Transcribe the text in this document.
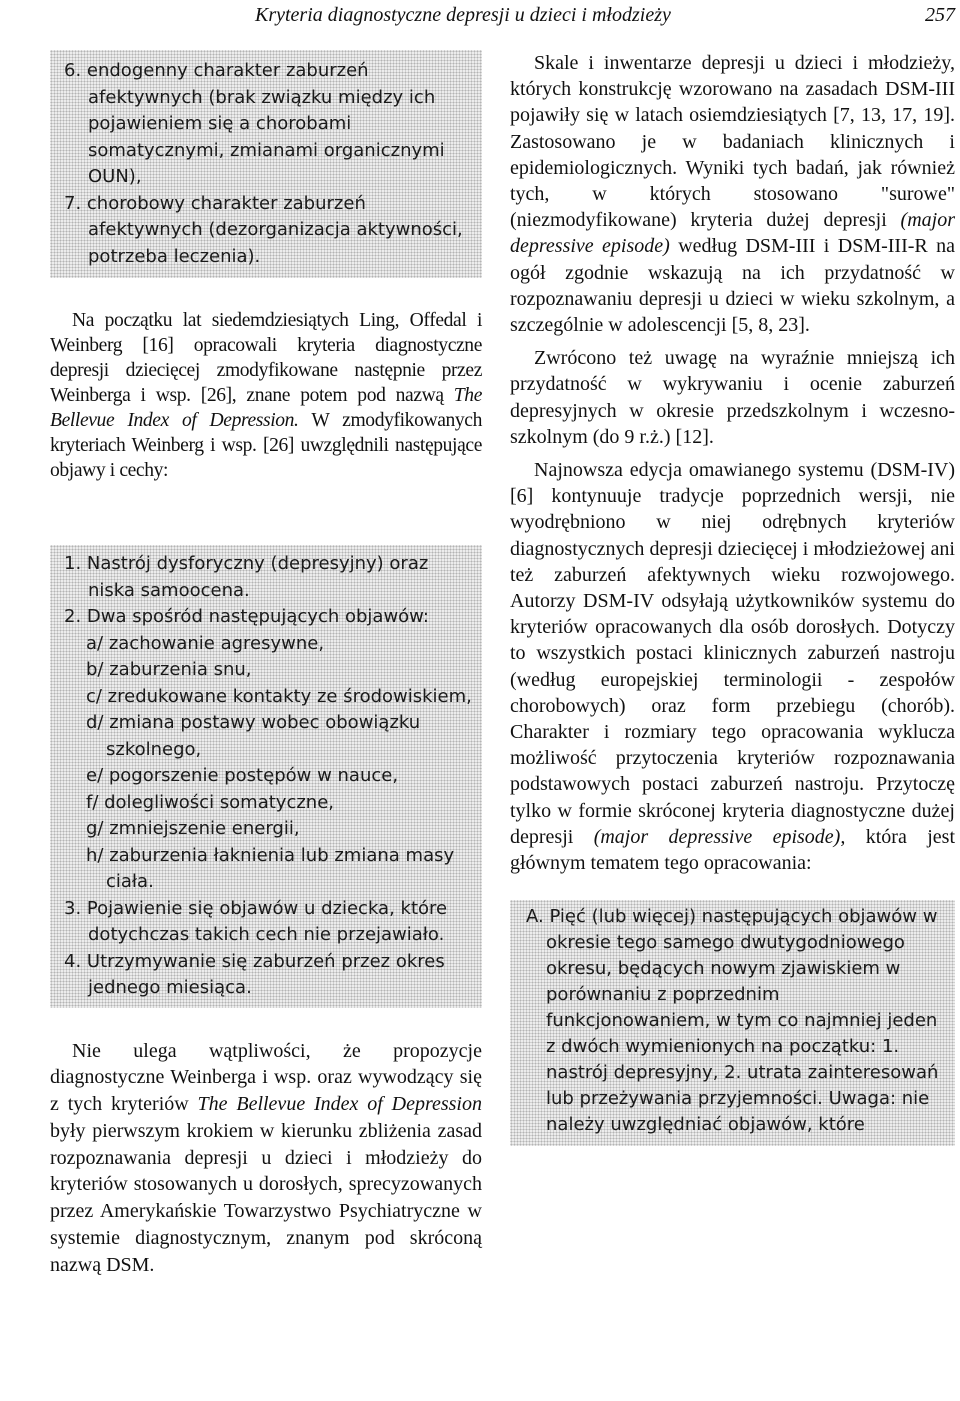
Kryteria diagnostyczne depresji u dzieci i młodzieży	257
6. endogenny charakter zaburzeń afektywnych (brak związku między ich pojawieniem się a chorobami somatycznymi, zmianami organicznymi OUN),
7. chorobowy charakter zaburzeń afektywnych (dezorganizacja aktywności, potrzeba leczenia).

Na początku lat siedemdziesiątych Ling, Offedal i Weinberg [16] opracowali kryteria diagnostyczne depresji dziecięcej zmodyfikowane następnie przez Weinberga i wsp. [26], znane potem pod nazwą The Bellevue Index of Depression. W zmodyfikowanych kryteriach Weinberg i wsp. [26] uwzględnili następujące objawy i cechy:

1. Nastrój dysforyczny (depresyjny) oraz niska samoocena.
2. Dwa spośród następujących objawów:
a/ zachowanie agresywne,
b/ zaburzenia snu,
c/ zredukowane kontakty ze środowiskiem,
d/ zmiana postawy wobec obowiązku szkolnego,
e/ pogorszenie postępów w nauce,
f/ dolegliwości somatyczne,
g/ zmniejszenie energii,
h/ zaburzenia łaknienia lub zmiana masy ciała.
3. Pojawienie się objawów u dziecka, które dotychczas takich cech nie przejawiało.
4. Utrzymywanie się zaburzeń przez okres jednego miesiąca.

Nie ulega wątpliwości, że propozycje diagnostyczne Weinberga i wsp. oraz wywodzący się z tych kryteriów The Bellevue Index of Depression były pierwszym krokiem w kierunku zbliżenia zasad rozpoznawania depresji u dzieci i młodzieży do kryteriów stosowanych u dorosłych, sprecyzowanych przez Amerykańskie Towarzystwo Psychiatryczne w systemie diagnostycznym, znanym pod skróconą nazwą DSM.

Skale i inwentarze depresji u dzieci i młodzieży, których konstrukcję wzorowano na zasadach DSM-III pojawiły się w latach osiemdziesiątych [7, 13, 17, 19]. Zastosowano je w badaniach klinicznych i epidemiologicznych. Wyniki tych badań, jak również tych, w których stosowano "surowe" (niezmodyfikowane) kryteria dużej depresji (major depressive episode) według DSM-III i DSM-III-R na ogół zgodnie wskazują na ich przydatność w rozpoznawaniu depresji u dzieci w wieku szkolnym, a szczególnie w adolescencji [5, 8, 23].

Zwrócono też uwagę na wyraźnie mniejszą ich przydatność w wykrywaniu i ocenie zaburzeń depresyjnych w okresie przedszkolnym i wczesno-szkolnym (do 9 r.ż.) [12].

Najnowsza edycja omawianego systemu (DSM-IV) [6] kontynuuje tradycje poprzednich wersji, nie wyodrębniono w niej odrębnych kryteriów diagnostycznych depresji dziecięcej i młodzieżowej ani też zaburzeń afektywnych wieku rozwojowego. Autorzy DSM-IV odsyłają użytkowników systemu do kryteriów opracowanych dla osób dorosłych. Dotyczy to wszystkich postaci klinicznych zaburzeń nastroju (według europejskiej terminologii - zespołów chorobowych) oraz form przebiegu (chorób). Charakter i rozmiary tego opracowania wyklucza możliwość przytoczenia kryteriów rozpoznawania podstawowych postaci zaburzeń nastroju. Przytoczę tylko w formie skróconej kryteria diagnostyczne dużej depresji (major depressive episode), która jest głównym tematem tego opracowania:

A. Pięć (lub więcej) następujących objawów w okresie tego samego dwutygodniowego okresu, będących nowym zjawiskiem w porównaniu z poprzednim funkcjonowaniem, w tym co najmniej jeden z dwóch wymienionych na początku: 1. nastrój depresyjny, 2. utrata zainteresowań lub przeżywania przyjemności. Uwaga: nie należy uwzględniać objawów, które
